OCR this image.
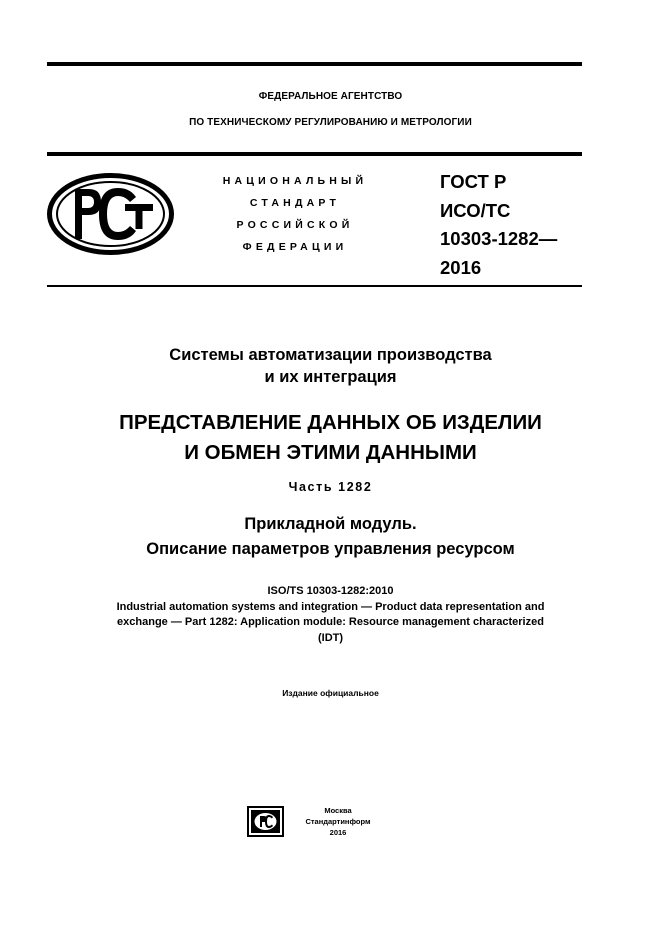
ФЕДЕРАЛЬНОЕ АГЕНТСТВО
ПО ТЕХНИЧЕСКОМУ РЕГУЛИРОВАНИЮ И МЕТРОЛОГИИ
НАЦИОНАЛЬНЫЙ
СТАНДАРТ
РОССИЙСКОЙ
ФЕДЕРАЦИИ
ГОСТ Р
ИСО/ТС
10303-1282—
2016
Системы автоматизации производства
и их интеграция
ПРЕДСТАВЛЕНИЕ ДАННЫХ ОБ ИЗДЕЛИИ
И ОБМЕН ЭТИМИ ДАННЫМИ
Часть 1282
Прикладной модуль.
Описание параметров управления ресурсом
ISO/TS 10303-1282:2010
Industrial automation systems and integration — Product data representation and
exchange — Part 1282: Application module: Resource management characterized
(IDT)
Издание официальное
Москва
Стандартинформ
2016
